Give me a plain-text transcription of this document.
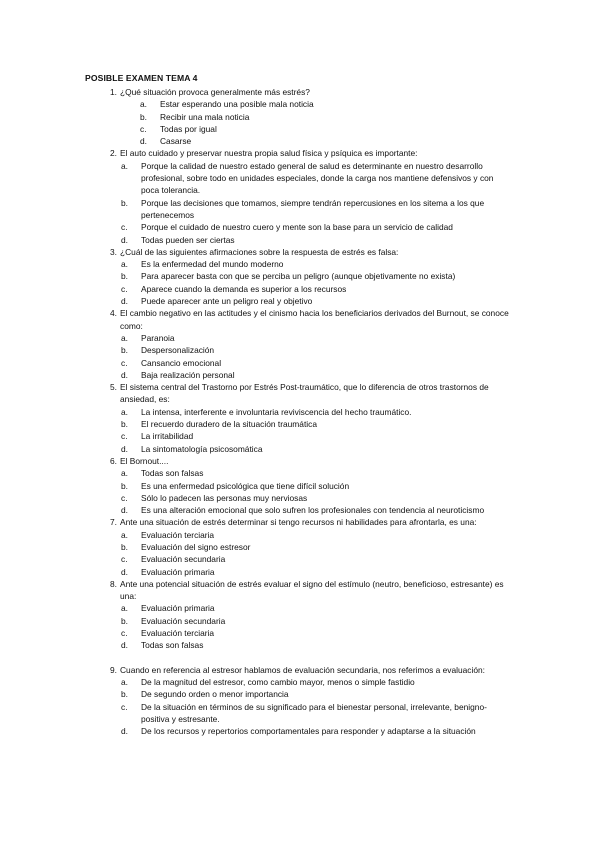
POSIBLE EXAMEN TEMA 4
1. ¿Qué situación provoca generalmente más estrés?
a.	Estar esperando una posible mala noticia
b.	Recibir una mala noticia
c.	Todas por igual
d.	Casarse
2. El auto cuidado y preservar nuestra propia salud física y psíquica es importante:
a.	Porque la calidad de nuestro estado general de salud es determinante en nuestro desarrollo profesional, sobre todo en unidades especiales, donde la carga nos mantiene defensivos y con poca tolerancia.
b.	Porque las decisiones que tomamos, siempre tendrán repercusiones en los sitema a los que pertenecemos
c.	Porque el cuidado de nuestro cuero y mente son la base para un servicio de calidad
d.	Todas pueden ser ciertas
3. ¿Cuál de las siguientes afirmaciones sobre la respuesta de estrés es falsa:
a.	Es la enfermedad del mundo moderno
b.	Para aparecer basta con que se perciba un peligro (aunque objetivamente no exista)
c.	Aparece cuando la demanda es superior a los recursos
d.	Puede aparecer ante un peligro real y objetivo
4. El cambio negativo en las actitudes y el cinismo hacia los beneficiarios derivados del Burnout, se conoce como:
a.	Paranoia
b.	Despersonalización
c.	Cansancio emocional
d.	Baja realización personal
5. El sistema central del Trastorno por Estrés Post-traumático, que lo diferencia de otros trastornos de ansiedad, es:
a.	La intensa, interferente e involuntaria reviviscencia del hecho traumático.
b.	El recuerdo duradero de la situación traumática
c.	La irritabilidad
d.	La sintomatología psicosomática
6. El Bornout....
a.	Todas son falsas
b.	Es una enfermedad psicológica que tiene difícil solución
c.	Sólo lo padecen las personas muy nerviosas
d.	Es una alteración emocional que solo sufren los profesionales con tendencia al neuroticismo
7. Ante una situación de estrés determinar si tengo recursos ni habilidades para afrontarla, es una:
a.	Evaluación terciaria
b.	Evaluación del signo estresor
c.	Evaluación secundaria
d.	Evaluación primaria
8. Ante una potencial situación de estrés evaluar el signo del estímulo (neutro, beneficioso, estresante) es una:
a.	Evaluación primaria
b.	Evaluación secundaria
c.	Evaluación terciaria
d.	Todas son falsas
9. Cuando en referencia al estresor hablamos de evaluación secundaria, nos referimos a evaluación:
a.	De la magnitud del estresor, como cambio mayor, menos o simple fastidio
b.	De segundo orden o menor importancia
c.	De la situación en términos de su significado para el bienestar personal, irrelevante, benigno-positiva y estresante.
d.	De los recursos y repertorios comportamentales para responder y adaptarse a la situación
